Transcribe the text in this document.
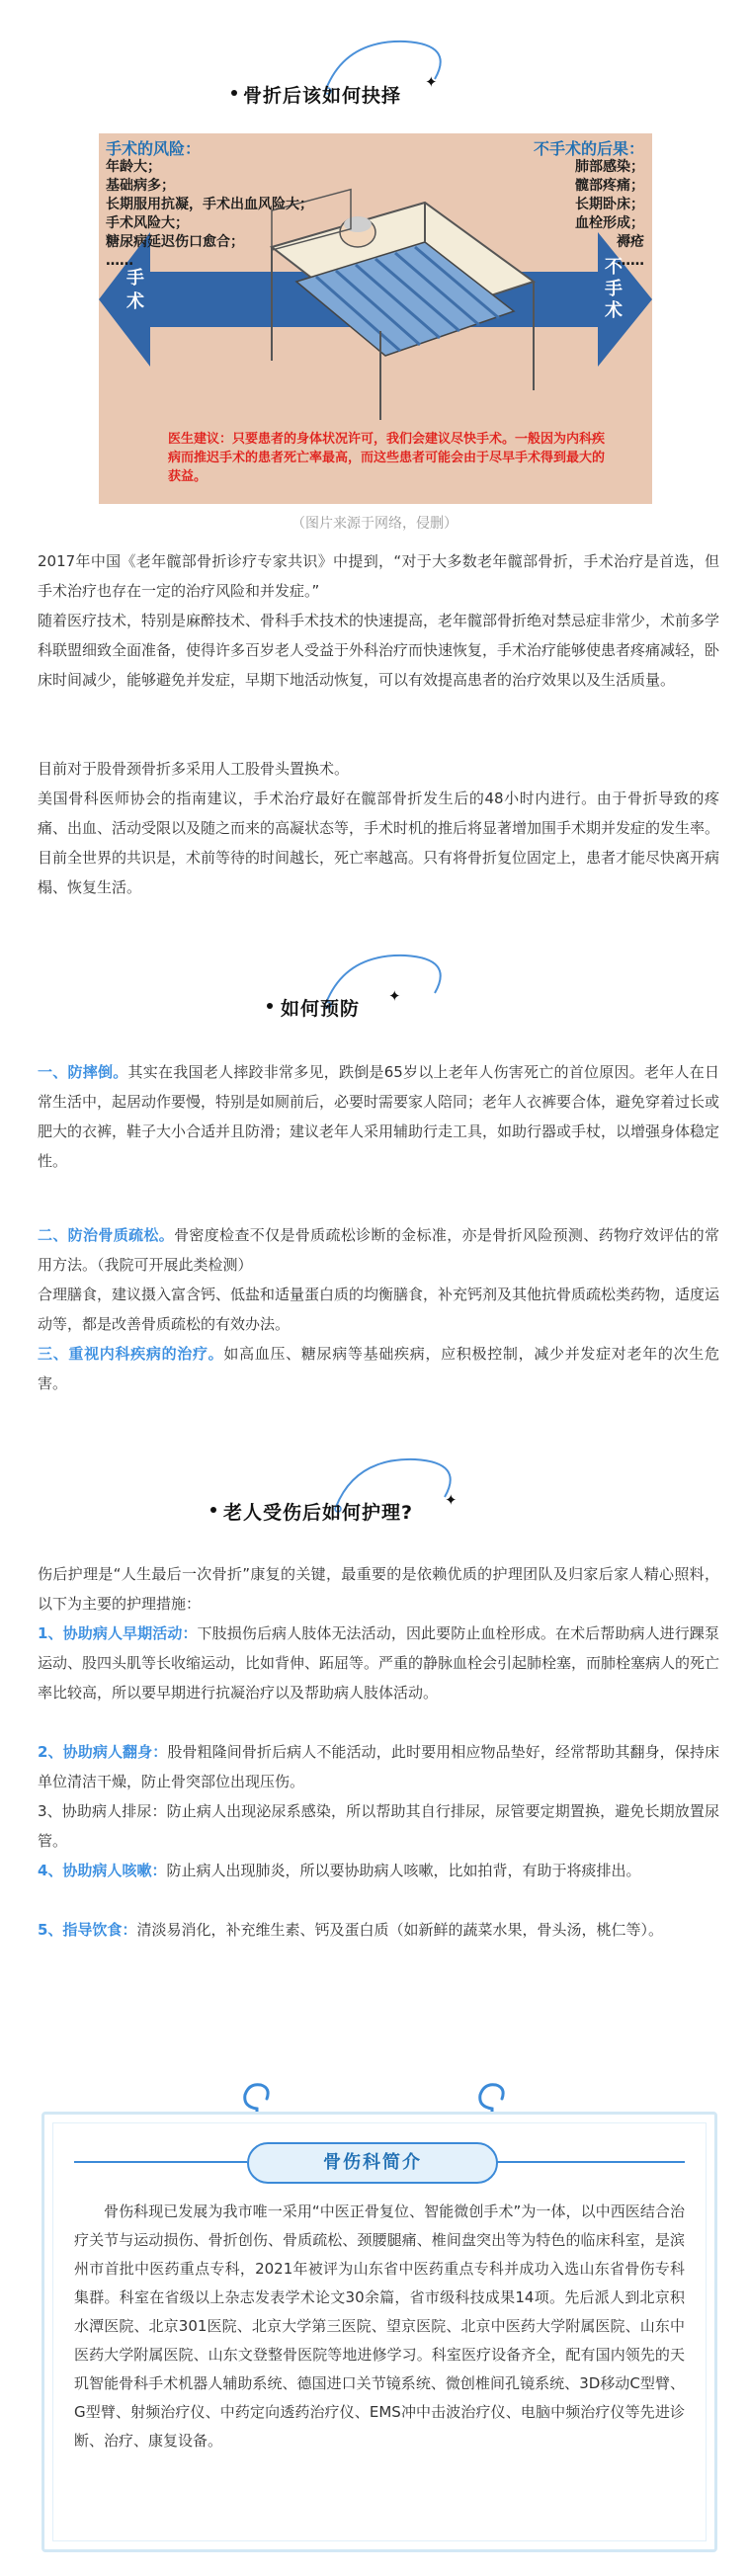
骨折后该如何抉择
✦
手术的风险：
年龄大；
基础病多；
长期服用抗凝，手术出血风险大；
手术风险大；
糖尿病延迟伤口愈合；
……
不手术的后果：
肺部感染；
髋部疼痛；
长期卧床；
血栓形成；
褥疮
……
手术
不手术
医生建议：只要患者的身体状况许可，我们会建议尽快手术。一般因为内科疾病而推迟手术的患者死亡率最高，而这些患者可能会由于尽早手术得到最大的获益。
（图片来源于网络，侵删）

2017年中国《老年髋部骨折诊疗专家共识》中提到，“对于大多数老年髋部骨折，手术治疗是首选，但手术治疗也存在一定的治疗风险和并发症。”

随着医疗技术，特别是麻醉技术、骨科手术技术的快速提高，老年髋部骨折绝对禁忌症非常少，术前多学科联盟细致全面准备，使得许多百岁老人受益于外科治疗而快速恢复，手术治疗能够使患者疼痛减轻，卧床时间减少，能够避免并发症，早期下地活动恢复，可以有效提高患者的治疗效果以及生活质量。

目前对于股骨颈骨折多采用人工股骨头置换术。

美国骨科医师协会的指南建议，手术治疗最好在髋部骨折发生后的48小时内进行。由于骨折导致的疼痛、出血、活动受限以及随之而来的高凝状态等，手术时机的推后将显著增加围手术期并发症的发生率。目前全世界的共识是，术前等待的时间越长，死亡率越高。只有将骨折复位固定上，患者才能尽快离开病榻、恢复生活。

如何预防
✦

一、防摔倒。其实在我国老人摔跤非常多见，跌倒是65岁以上老年人伤害死亡的首位原因。老年人在日常生活中，起居动作要慢，特别是如厕前后，必要时需要家人陪同；老年人衣裤要合体，避免穿着过长或肥大的衣裤，鞋子大小合适并且防滑；建议老年人采用辅助行走工具，如助行器或手杖，以增强身体稳定性。

二、防治骨质疏松。骨密度检查不仅是骨质疏松诊断的金标准，亦是骨折风险预测、药物疗效评估的常用方法。（我院可开展此类检测）

合理膳食，建议摄入富含钙、低盐和适量蛋白质的均衡膳食，补充钙剂及其他抗骨质疏松类药物，适度运动等，都是改善骨质疏松的有效办法。

三、重视内科疾病的治疗。如高血压、糖尿病等基础疾病，应积极控制，减少并发症对老年的次生危害。

老人受伤后如何护理?
✦

伤后护理是“人生最后一次骨折”康复的关键，最重要的是依赖优质的护理团队及归家后家人精心照料，以下为主要的护理措施：

1、协助病人早期活动：下肢损伤后病人肢体无法活动，因此要防止血栓形成。在术后帮助病人进行踝泵运动、股四头肌等长收缩运动，比如背伸、跖屈等。严重的静脉血栓会引起肺栓塞，而肺栓塞病人的死亡率比较高，所以要早期进行抗凝治疗以及帮助病人肢体活动。

2、协助病人翻身：股骨粗隆间骨折后病人不能活动，此时要用相应物品垫好，经常帮助其翻身，保持床单位清洁干燥，防止骨突部位出现压伤。

3、协助病人排尿：防止病人出现泌尿系感染，所以帮助其自行排尿，尿管要定期置换，避免长期放置尿管。

4、协助病人咳嗽：防止病人出现肺炎，所以要协助病人咳嗽，比如拍背，有助于将痰排出。

5、指导饮食：清淡易消化，补充维生素、钙及蛋白质（如新鲜的蔬菜水果，骨头汤，桃仁等）。

骨伤科简介

骨伤科现已发展为我市唯一采用“中医正骨复位、智能微创手术”为一体，以中西医结合治疗关节与运动损伤、骨折创伤、骨质疏松、颈腰腿痛、椎间盘突出等为特色的临床科室，是滨州市首批中医药重点专科，2021年被评为山东省中医药重点专科并成功入选山东省骨伤专科集群。科室在省级以上杂志发表学术论文30余篇，省市级科技成果14项。先后派人到北京积水潭医院、北京301医院、北京大学第三医院、望京医院、北京中医药大学附属医院、山东中医药大学附属医院、山东文登整骨医院等地进修学习。科室医疗设备齐全，配有国内领先的天玑智能骨科手术机器人辅助系统、德国进口关节镜系统、微创椎间孔镜系统、3D移动C型臂、G型臂、射频治疗仪、中药定向透药治疗仪、EMS冲中击波治疗仪、电脑中频治疗仪等先进诊断、治疗、康复设备。
